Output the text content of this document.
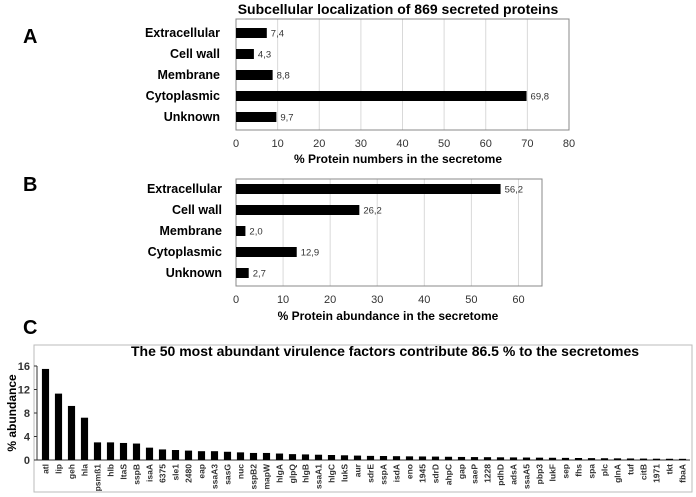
A
B
C
Subcellular localization of 869 secreted proteins
Extracellular
Cell wall
Membrane
Cytoplasmic
Unknown
7,4
4,3
8,8
69,8
9,7
0	10	20	30	40	50	60	70	80
% Protein numbers in the secretome
Extracellular
Cell wall
Membrane
Cytoplasmic
Unknown
56,2
26,2
2,0
12,9
2,7
0	10	20	30	40	50	60
% Protein abundance in the secretome
The 50 most abundant virulence factors contribute 86.5 % to the secretomes
% abundance
0
4
8
12
16
atl lip geh hla psmß1 hlb ltaS sspB isaA 6375 sle1 2480 eap ssaA3 sasG nuc sspB2 mapW hlgA glpQ hlgB ssaA1 hlgC lukS aur sdrE sspA isdA eno 1945 sdrD ahpC gap saeP 1228 pdhD adsA ssaA5 pbp3 lukF sep fhs spa plc glnA tuf citB 1971 tkt fbaA
